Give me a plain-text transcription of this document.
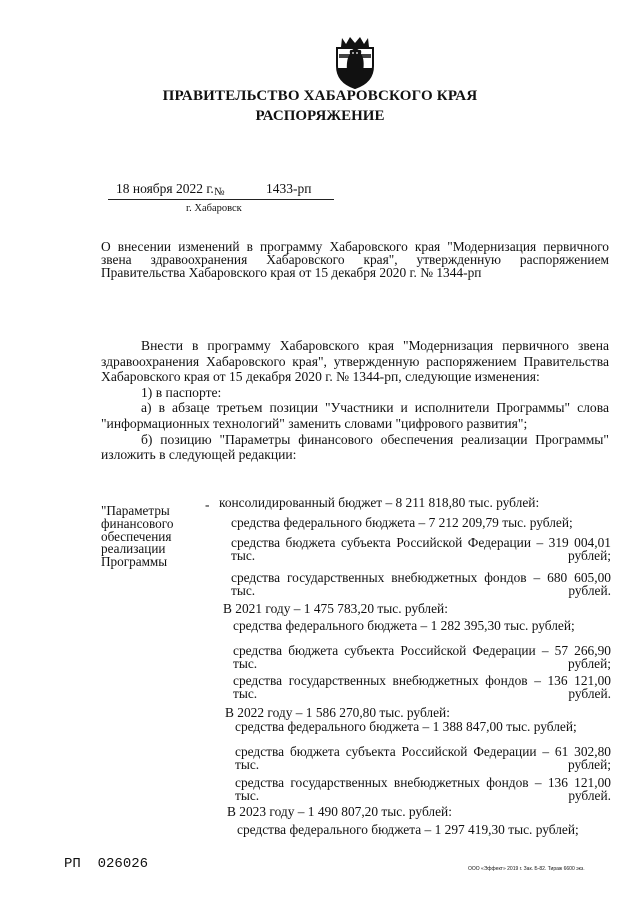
ПРАВИТЕЛЬСТВО ХАБАРОВСКОГО КРАЯ
РАСПОРЯЖЕНИЕ
18 ноября 2022 г. №	1433-рп
г. Хабаровск
О внесении изменений в программу Хабаровского края "Модернизация первичного звена здравоохранения Хабаровского края", утвержденную распоряжением Правительства Хабаровского края от 15 декабря 2020 г. № 1344-рп

Внести в программу Хабаровского края "Модернизация первичного звена здравоохранения Хабаровского края", утвержденную распоряжением Правительства Хабаровского края от 15 декабря 2020 г. № 1344-рп, следующие изменения:

1) в паспорте:

а) в абзаце третьем позиции "Участники и исполнители Программы" слова "информационных технологий" заменить словами "цифрового развития";

б) позицию "Параметры финансового обеспечения реализации Программы" изложить в следующей редакции:

"Параметры финансового обеспечения реализации Программы
- консолидированный бюджет – 8 211 818,80 тыс. рублей:
средства федерального бюджета – 7 212 209,79 тыс. рублей;
средства бюджета субъекта Российской Федерации – 319 004,01 тыс. рублей;
средства государственных внебюджетных фондов – 680 605,00 тыс. рублей.
В 2021 году – 1 475 783,20 тыс. рублей:
средства федерального бюджета – 1 282 395,30 тыс. рублей;
средства бюджета субъекта Российской Федерации – 57 266,90 тыс. рублей;
средства государственных внебюджетных фондов – 136 121,00 тыс. рублей.
В 2022 году – 1 586 270,80 тыс. рублей:
средства федерального бюджета – 1 388 847,00 тыс. рублей;
средства бюджета субъекта Российской Федерации – 61 302,80 тыс. рублей;
средства государственных внебюджетных фондов – 136 121,00 тыс. рублей.
В 2023 году – 1 490 807,20 тыс. рублей:
средства федерального бюджета – 1 297 419,30 тыс. рублей;
РП 026026	ООО «Эффект» 2019 г. Зак. Б-82. Тираж 6600 экз.
